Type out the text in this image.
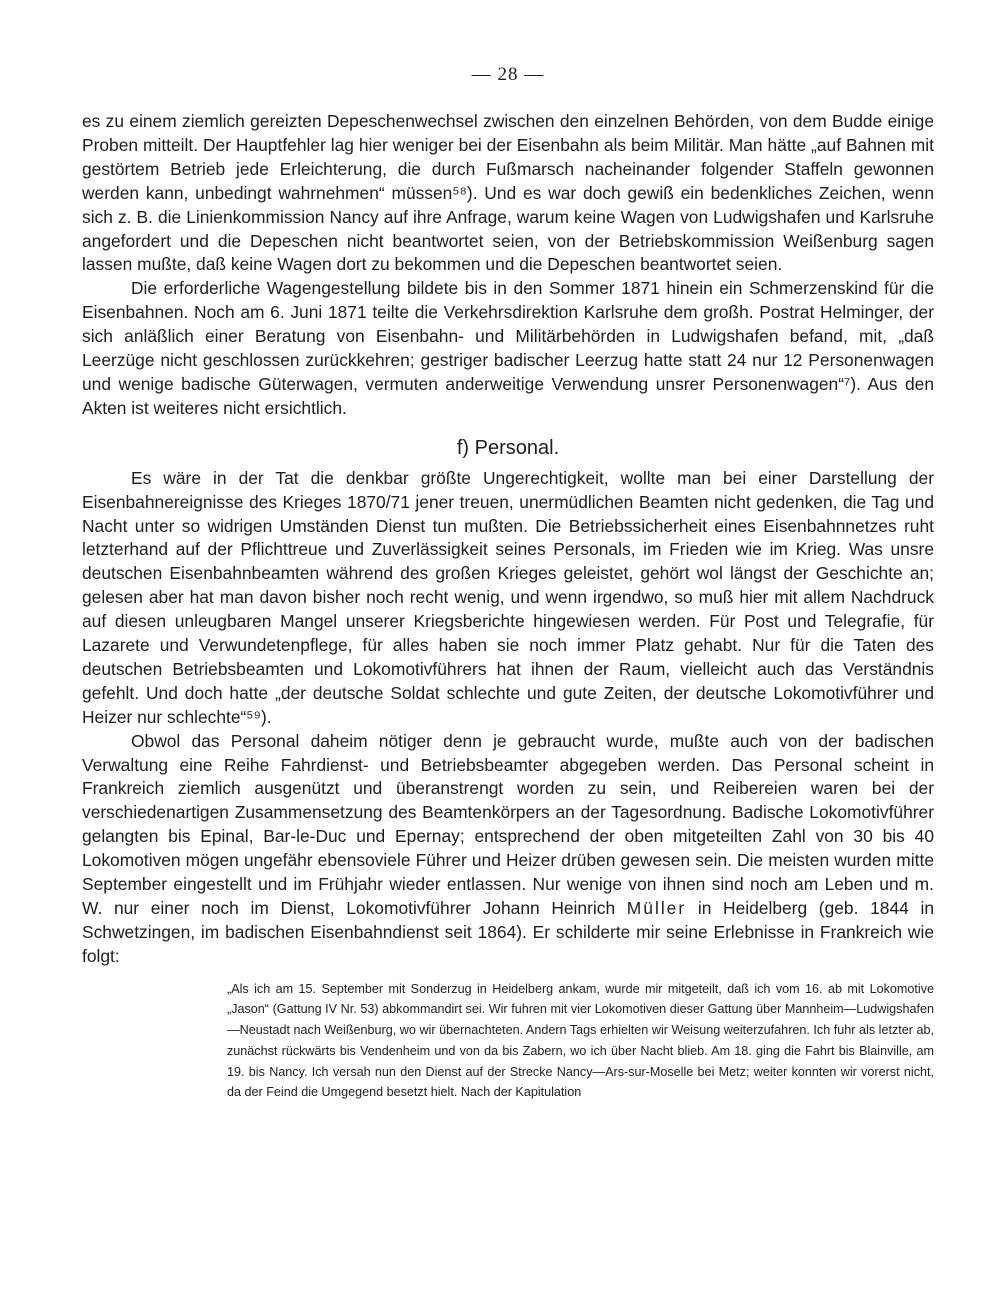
— 28 —

es zu einem ziemlich gereizten Depeschenwechsel zwischen den einzelnen Behörden, von dem Budde einige Proben mitteilt. Der Hauptfehler lag hier weniger bei der Eisenbahn als beim Militär. Man hätte „auf Bahnen mit gestörtem Betrieb jede Erleichterung, die durch Fußmarsch nacheinander folgender Staffeln gewonnen werden kann, unbedingt wahrnehmen“ müssen⁵⁸). Und es war doch gewiß ein bedenkliches Zeichen, wenn sich z. B. die Linienkommission Nancy auf ihre Anfrage, warum keine Wagen von Ludwigshafen und Karlsruhe angefordert und die Depeschen nicht beantwortet seien, von der Betriebskommission Weißenburg sagen lassen mußte, daß keine Wagen dort zu bekommen und die Depeschen beantwortet seien.

Die erforderliche Wagengestellung bildete bis in den Sommer 1871 hinein ein Schmerzenskind für die Eisenbahnen. Noch am 6. Juni 1871 teilte die Verkehrsdirektion Karlsruhe dem großh. Postrat Helminger, der sich anläßlich einer Beratung von Eisenbahn- und Militärbehörden in Ludwigshafen befand, mit, „daß Leerzüge nicht geschlossen zurückkehren; gestriger badischer Leerzug hatte statt 24 nur 12 Personenwagen und wenige badische Güterwagen, vermuten anderweitige Verwendung unsrer Personenwagen“⁷). Aus den Akten ist weiteres nicht ersichtlich.

f) Personal.

Es wäre in der Tat die denkbar größte Ungerechtigkeit, wollte man bei einer Darstellung der Eisenbahnereignisse des Krieges 1870/71 jener treuen, unermüdlichen Beamten nicht gedenken, die Tag und Nacht unter so widrigen Umständen Dienst tun mußten. Die Betriebssicherheit eines Eisenbahnnetzes ruht letzterhand auf der Pflichttreue und Zuverlässigkeit seines Personals, im Frieden wie im Krieg. Was unsre deutschen Eisenbahnbeamten während des großen Krieges geleistet, gehört wol längst der Geschichte an; gelesen aber hat man davon bisher noch recht wenig, und wenn irgendwo, so muß hier mit allem Nachdruck auf diesen unleugbaren Mangel unserer Kriegsberichte hingewiesen werden. Für Post und Telegrafie, für Lazarete und Verwundetenpflege, für alles haben sie noch immer Platz gehabt. Nur für die Taten des deutschen Betriebsbeamten und Lokomotivführers hat ihnen der Raum, vielleicht auch das Verständnis gefehlt. Und doch hatte „der deutsche Soldat schlechte und gute Zeiten, der deutsche Lokomotivführer und Heizer nur schlechte“⁵⁹).

Obwol das Personal daheim nötiger denn je gebraucht wurde, mußte auch von der badischen Verwaltung eine Reihe Fahrdienst- und Betriebsbeamter abgegeben werden. Das Personal scheint in Frankreich ziemlich ausgenützt und überanstrengt worden zu sein, und Reibereien waren bei der verschiedenartigen Zusammensetzung des Beamtenkörpers an der Tagesordnung. Badische Lokomotivführer gelangten bis Epinal, Bar-le-Duc und Epernay; entsprechend der oben mitgeteilten Zahl von 30 bis 40 Lokomotiven mögen ungefähr ebensoviele Führer und Heizer drüben gewesen sein. Die meisten wurden mitte September eingestellt und im Frühjahr wieder entlassen. Nur wenige von ihnen sind noch am Leben und m. W. nur einer noch im Dienst, Lokomotivführer Johann Heinrich Müller in Heidelberg (geb. 1844 in Schwetzingen, im badischen Eisenbahndienst seit 1864). Er schilderte mir seine Erlebnisse in Frankreich wie folgt:

„Als ich am 15. September mit Sonderzug in Heidelberg ankam, wurde mir mitgeteilt, daß ich vom 16. ab mit Lokomotive „Jason“ (Gattung IV Nr. 53) abkommandirt sei. Wir fuhren mit vier Lokomotiven dieser Gattung über Mannheim—Ludwigshafen—Neustadt nach Weißenburg, wo wir übernachteten. Andern Tags erhielten wir Weisung weiterzufahren. Ich fuhr als letzter ab, zunächst rückwärts bis Vendenheim und von da bis Zabern, wo ich über Nacht blieb. Am 18. ging die Fahrt bis Blainville, am 19. bis Nancy. Ich versah nun den Dienst auf der Strecke Nancy—Ars-sur-Moselle bei Metz; weiter konnten wir vorerst nicht, da der Feind die Umgegend besetzt hielt. Nach der Kapitulation
